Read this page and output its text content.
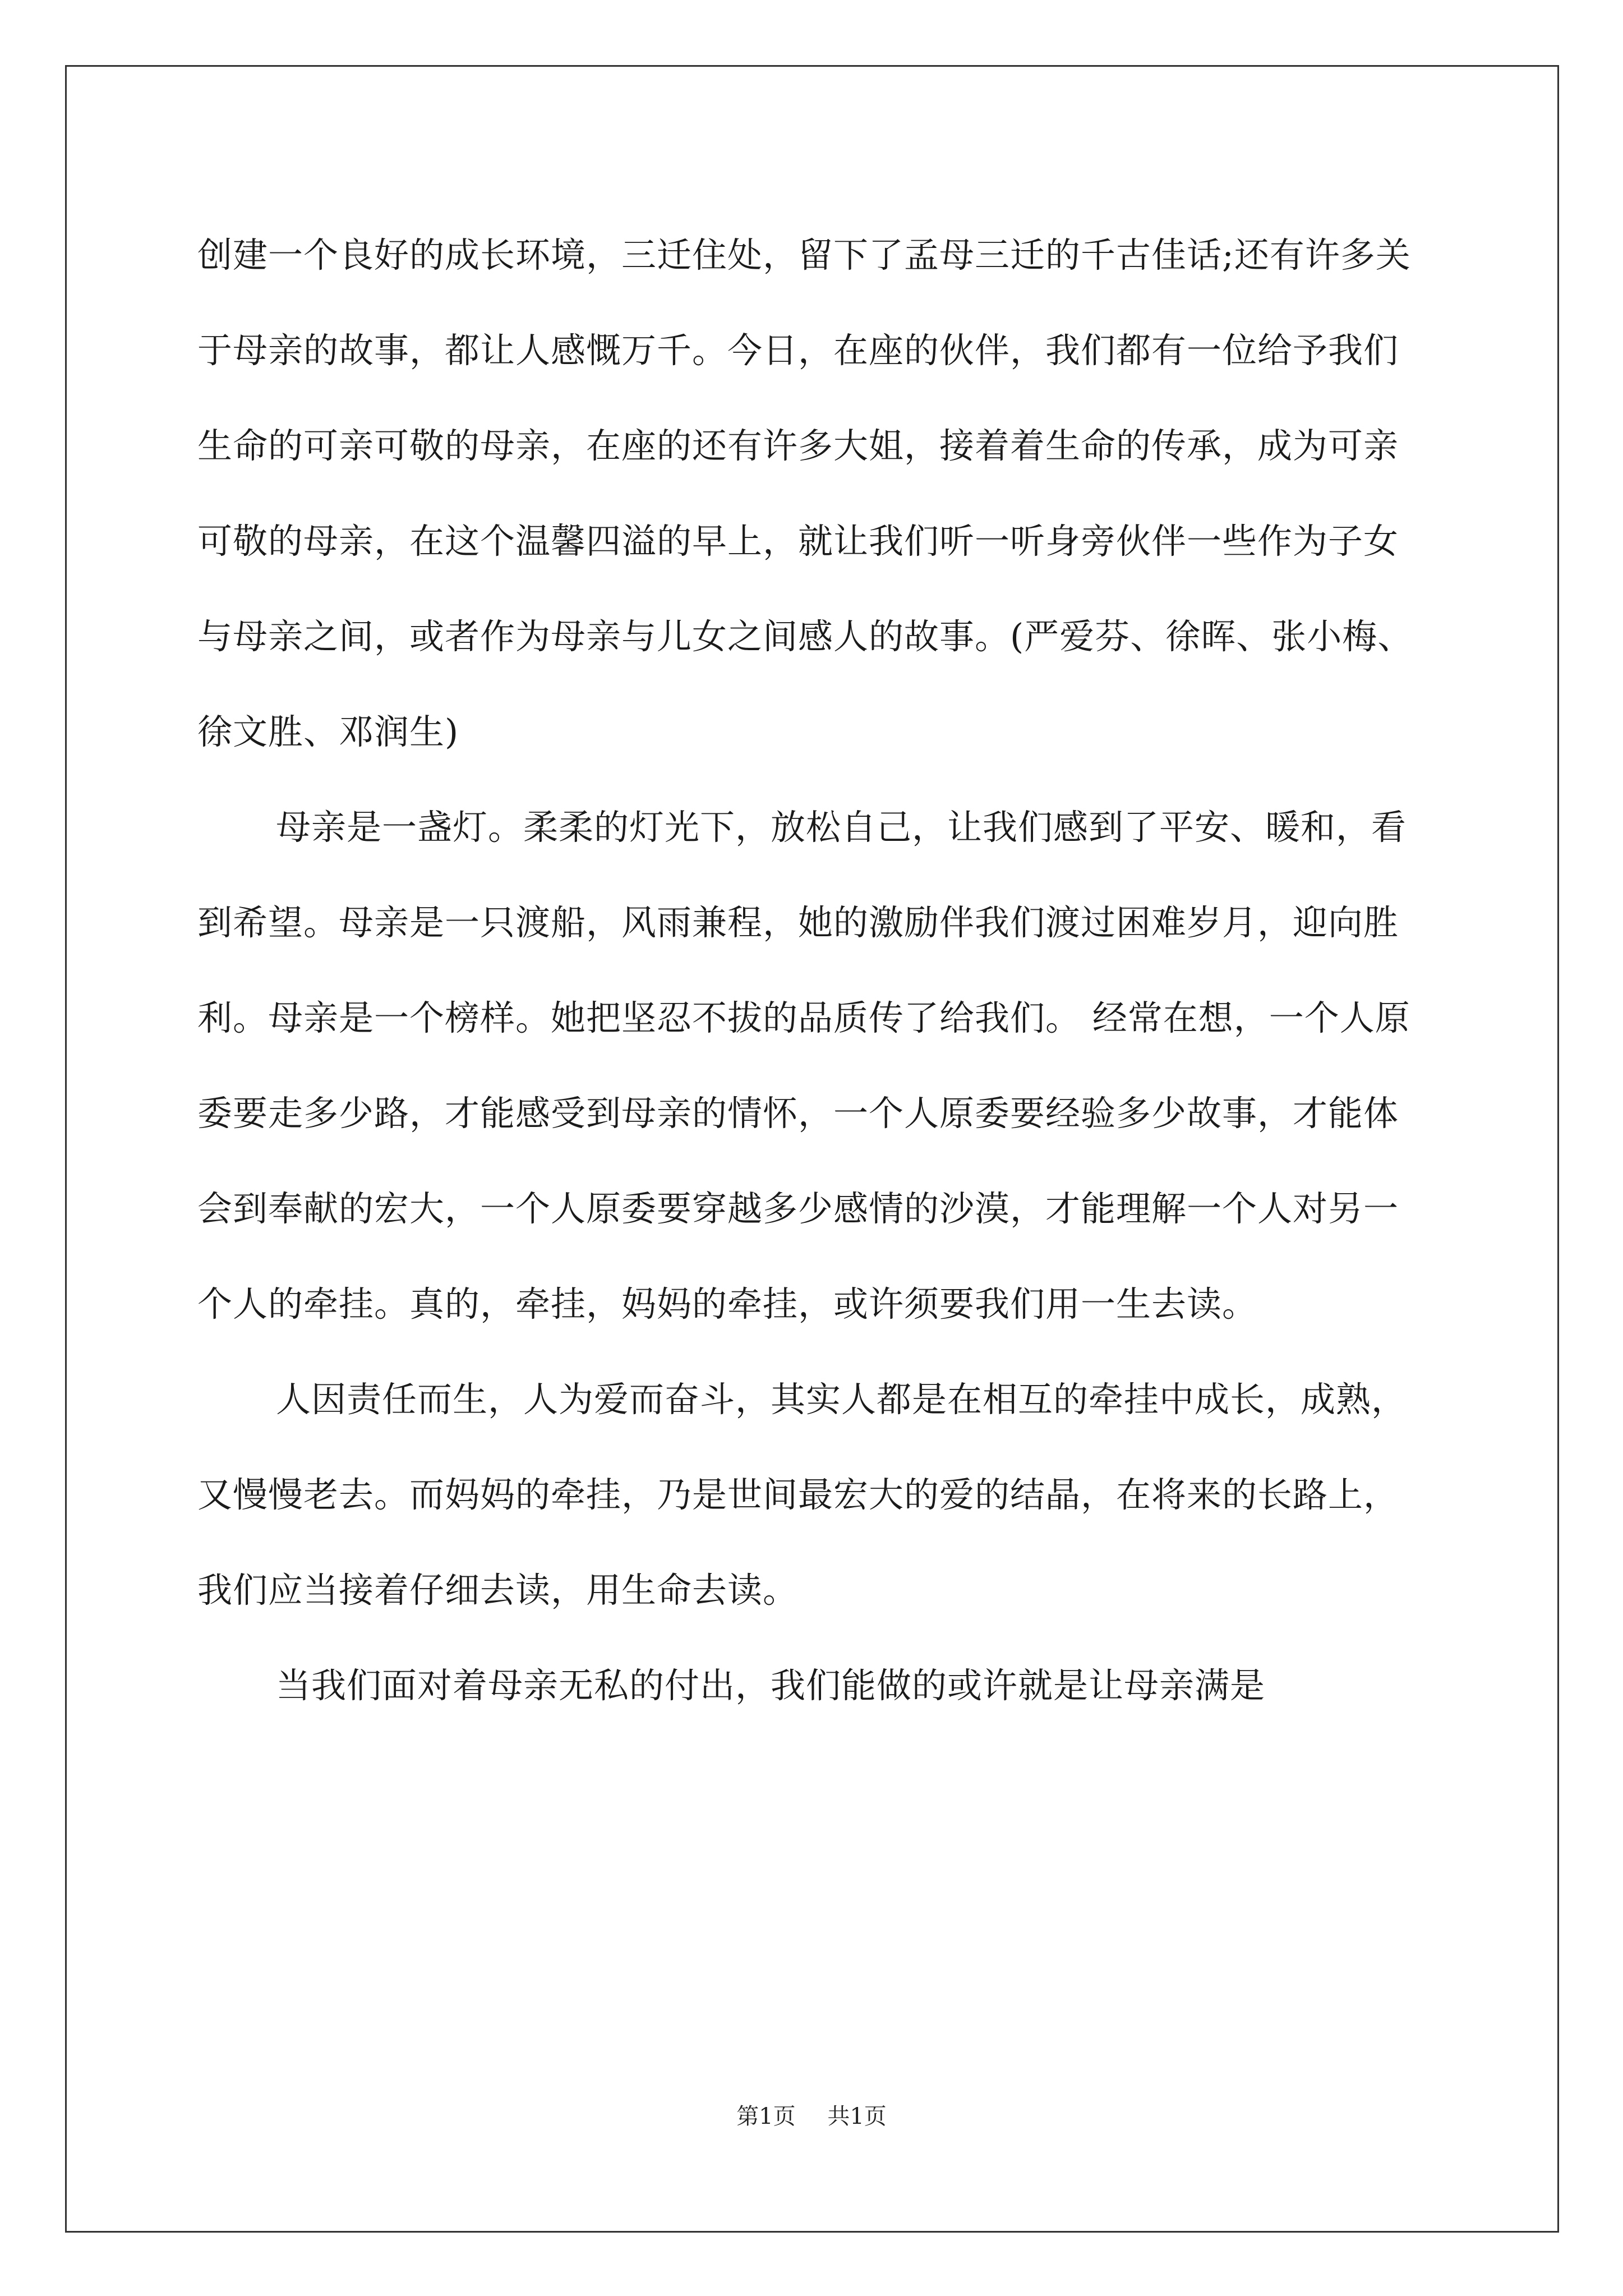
创建一个良好的成长环境，三迁住处，留下了孟母三迁的千古佳话;还有许多关于母亲的故事，都让人感慨万千。今日，在座的伙伴，我们都有一位给予我们生命的可亲可敬的母亲，在座的还有许多大姐，接着着生命的传承，成为可亲可敬的母亲，在这个温馨四溢的早上，就让我们听一听身旁伙伴一些作为子女与母亲之间，或者作为母亲与儿女之间感人的故事。(严爱芬、徐晖、张小梅、徐文胜、邓润生)

母亲是一盏灯。柔柔的灯光下，放松自己，让我们感到了平安、暖和，看到希望。母亲是一只渡船，风雨兼程，她的激励伴我们渡过困难岁月，迎向胜利。母亲是一个榜样。她把坚忍不拔的品质传了给我们。 经常在想，一个人原委要走多少路，才能感受到母亲的情怀，一个人原委要经验多少故事，才能体会到奉献的宏大，一个人原委要穿越多少感情的沙漠，才能理解一个人对另一个人的牵挂。真的，牵挂，妈妈的牵挂，或许须要我们用一生去读。

人因责任而生，人为爱而奋斗，其实人都是在相互的牵挂中成长，成熟，又慢慢老去。而妈妈的牵挂，乃是世间最宏大的爱的结晶，在将来的长路上，我们应当接着仔细去读，用生命去读。

当我们面对着母亲无私的付出，我们能做的或许就是让母亲满是

第1页 共1页
